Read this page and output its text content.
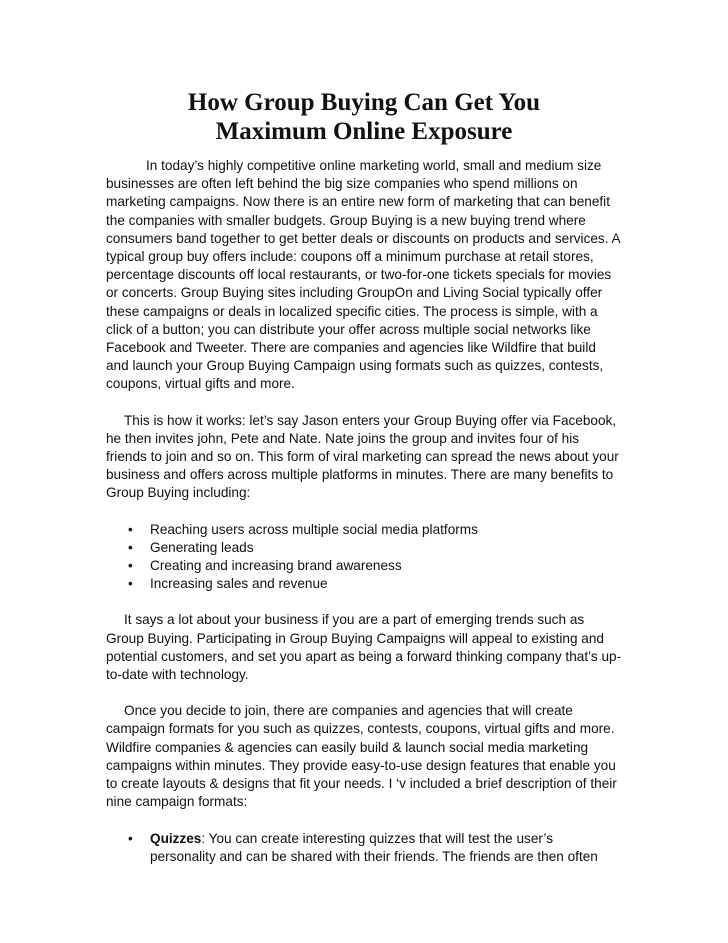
How Group Buying Can Get You
Maximum Online Exposure

In today’s highly competitive online marketing world, small and medium size businesses are often left behind the big size companies who spend millions on marketing campaigns. Now there is an entire new form of marketing that can benefit the companies with smaller budgets. Group Buying is a new buying trend where consumers band together to get better deals or discounts on products and services. A typical group buy offers include: coupons off a minimum purchase at retail stores, percentage discounts off local restaurants, or two-for-one tickets specials for movies or concerts. Group Buying sites including GroupOn and Living Social typically offer these campaigns or deals in localized specific cities. The process is simple, with a click of a button; you can distribute your offer across multiple social networks like Facebook and Tweeter. There are companies and agencies like Wildfire that build and launch your Group Buying Campaign using formats such as quizzes, contests, coupons, virtual gifts and more.

This is how it works: let’s say Jason enters your Group Buying offer via Facebook, he then invites john, Pete and Nate. Nate joins the group and invites four of his friends to join and so on. This form of viral marketing can spread the news about your business and offers across multiple platforms in minutes. There are many benefits to Group Buying including:

•	Reaching users across multiple social media platforms
•	Generating leads
•	Creating and increasing brand awareness
•	Increasing sales and revenue

It says a lot about your business if you are a part of emerging trends such as Group Buying. Participating in Group Buying Campaigns will appeal to existing and potential customers, and set you apart as being a forward thinking company that’s up-to-date with technology.

Once you decide to join, there are companies and agencies that will create campaign formats for you such as quizzes, contests, coupons, virtual gifts and more. Wildfire companies & agencies can easily build & launch social media marketing campaigns within minutes. They provide easy-to-use design features that enable you to create layouts & designs that fit your needs. I ‘v included a brief description of their nine campaign formats:

•	Quizzes: You can create interesting quizzes that will test the user’s personality and can be shared with their friends. The friends are then often
